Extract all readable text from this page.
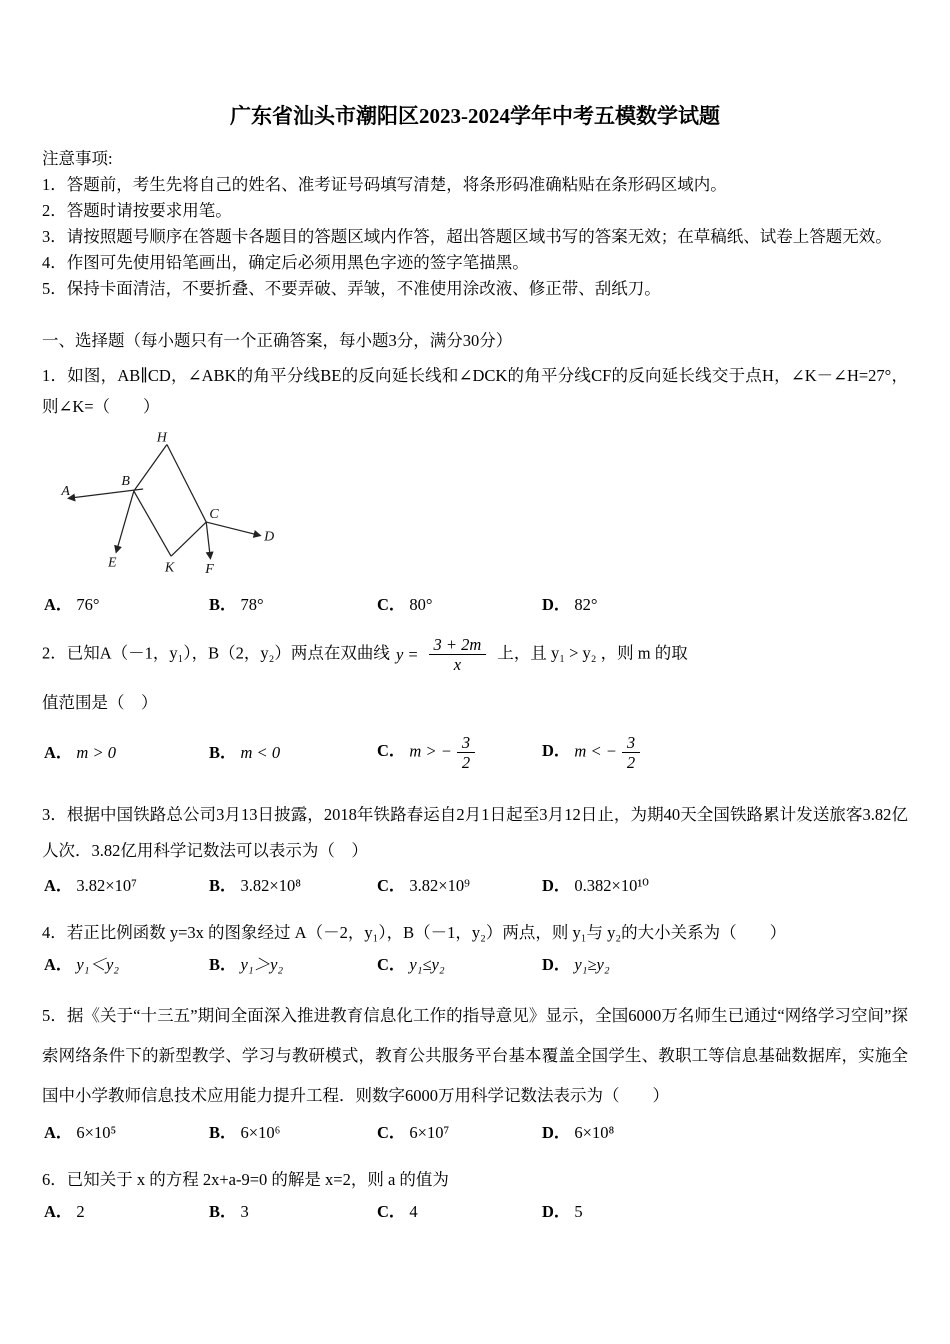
广东省汕头市潮阳区2023-2024学年中考五模数学试题

注意事项:

1．答题前，考生先将自己的姓名、准考证号码填写清楚，将条形码准确粘贴在条形码区域内。

2．答题时请按要求用笔。

3．请按照题号顺序在答题卡各题目的答题区域内作答，超出答题区域书写的答案无效；在草稿纸、试卷上答题无效。

4．作图可先使用铅笔画出，确定后必须用黑色字迹的签字笔描黑。

5．保持卡面清洁，不要折叠、不要弄破、弄皱，不准使用涂改液、修正带、刮纸刀。

一、选择题（每小题只有一个正确答案，每小题3分，满分30分）

1．如图，AB∥CD，∠ABK的角平分线BE的反向延长线和∠DCK的角平分线CF的反向延长线交于点H，∠K－∠H=27°，则∠K=（　　）

H
A
B
C
D
E	K F
A． 76°	B． 78°	C． 80°	D． 82°

2．已知A（－1，y₁），B（2，y₂）两点在双曲线 $y = \frac{3 + 2m}{x}$ 上，且 y₁ > y₂ ，则 m 的取

值范围是（　）

A． m > 0	B． m < 0	C． m > − $\frac{3}{2}$	D． m < − $\frac{3}{2}$

3．根据中国铁路总公司3月13日披露，2018年铁路春运自2月1日起至3月12日止，为期40天全国铁路累计发送旅客3.82亿人次．3.82亿用科学记数法可以表示为（　）

A． 3.82×10⁷	B． 3.82×10⁸	C． 3.82×10⁹	D． 0.382×10¹⁰

4．若正比例函数 y=3x 的图象经过 A（－2，y₁），B（－1，y₂）两点，则 y₁与 y₂的大小关系为（　　）

A． y₁＜y₂	B． y₁＞y₂	C． y₁≤y₂	D． y₁≥y₂

5．据《关于“十三五”期间全面深入推进教育信息化工作的指导意见》显示，全国6000万名师生已通过“网络学习空间”探索网络条件下的新型教学、学习与教研模式，教育公共服务平台基本覆盖全国学生、教职工等信息基础数据库，实施全国中小学教师信息技术应用能力提升工程．则数字6000万用科学记数法表示为（　　）

A． 6×10⁵	B． 6×10⁶	C． 6×10⁷	D． 6×10⁸

6．已知关于 x 的方程 2x+a-9=0 的解是 x=2，则 a 的值为

A． 2	B． 3	C． 4	D． 5
